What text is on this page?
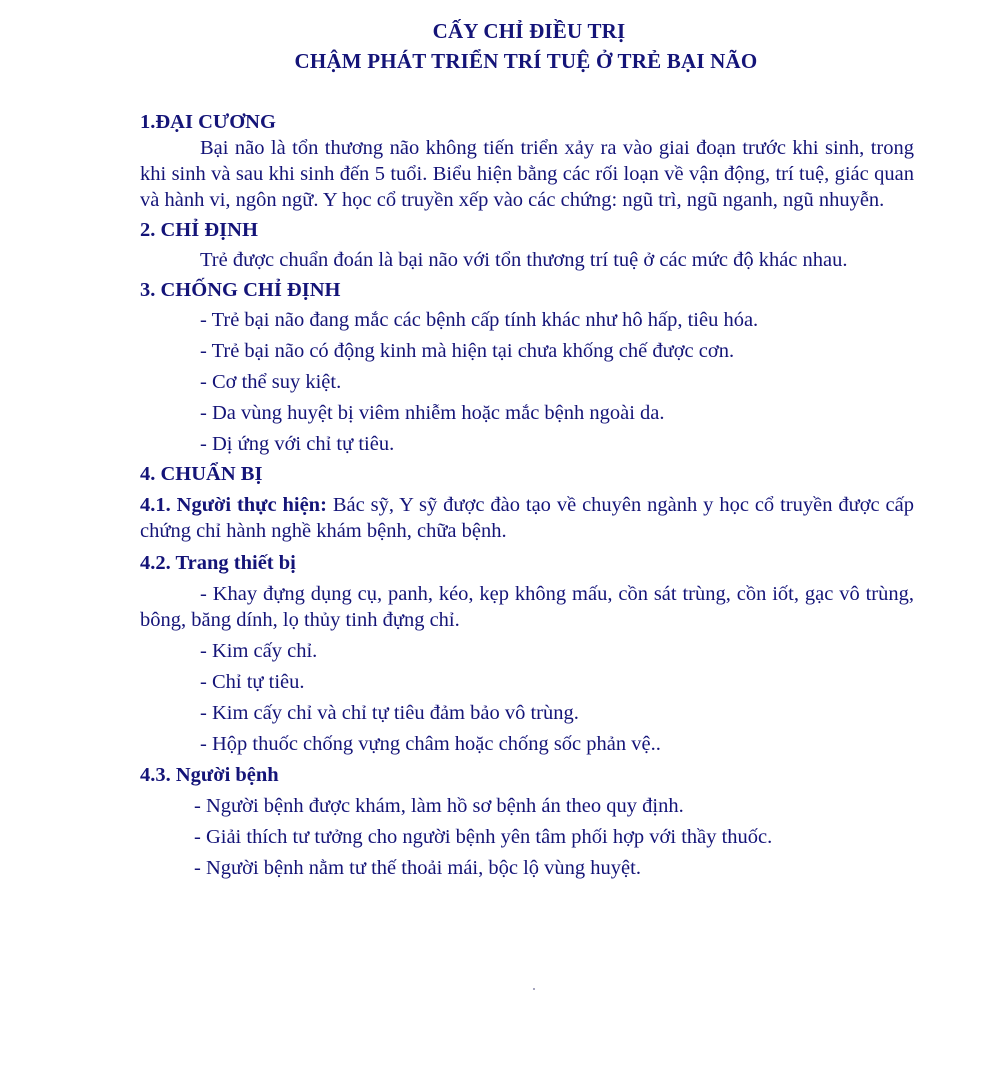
CẤY CHỈ ĐIỀU TRỊ
CHẬM PHÁT TRIỂN TRÍ TUỆ Ở TRẺ BẠI NÃO

1.ĐẠI CƯƠNG

Bại não là tổn thương não không tiến triển xảy ra vào giai đoạn trước khi sinh, trong khi sinh và sau khi sinh đến 5 tuổi. Biểu hiện bằng các rối loạn về vận động, trí tuệ, giác quan và hành vi, ngôn ngữ. Y học cổ truyền xếp vào các chứng: ngũ trì, ngũ nganh, ngũ nhuyễn.

2. CHỈ ĐỊNH

Trẻ được chuẩn đoán là bại não với tổn thương trí tuệ ở các mức độ khác nhau.

3. CHỐNG CHỈ ĐỊNH

- Trẻ bại não đang mắc các bệnh cấp tính khác như hô hấp, tiêu hóa.

- Trẻ bại não có động kinh mà hiện tại chưa khống chế được cơn.

- Cơ thể suy kiệt.

- Da vùng huyệt bị viêm nhiễm hoặc mắc bệnh ngoài da.

- Dị ứng với chỉ tự tiêu.

4. CHUẨN BỊ

4.1. Người thực hiện: Bác sỹ, Y sỹ được đào tạo về chuyên ngành y học cổ truyền được cấp chứng chỉ hành nghề khám bệnh, chữa bệnh.

4.2. Trang thiết bị

- Khay đựng dụng cụ, panh, kéo, kẹp không mấu, cồn sát trùng, cồn iốt, gạc vô trùng, bông, băng dính, lọ thủy tinh đựng chỉ.

- Kim cấy chỉ.

- Chỉ tự tiêu.

- Kim cấy chỉ và chỉ tự tiêu đảm bảo vô trùng.

- Hộp thuốc chống vựng châm hoặc chống sốc phản vệ..

4.3. Người bệnh

- Người bệnh được khám, làm hồ sơ bệnh án theo quy định.

- Giải thích tư tưởng cho người bệnh yên tâm phối hợp với thầy thuốc.

- Người bệnh nằm tư thế thoải mái, bộc lộ vùng huyệt.
